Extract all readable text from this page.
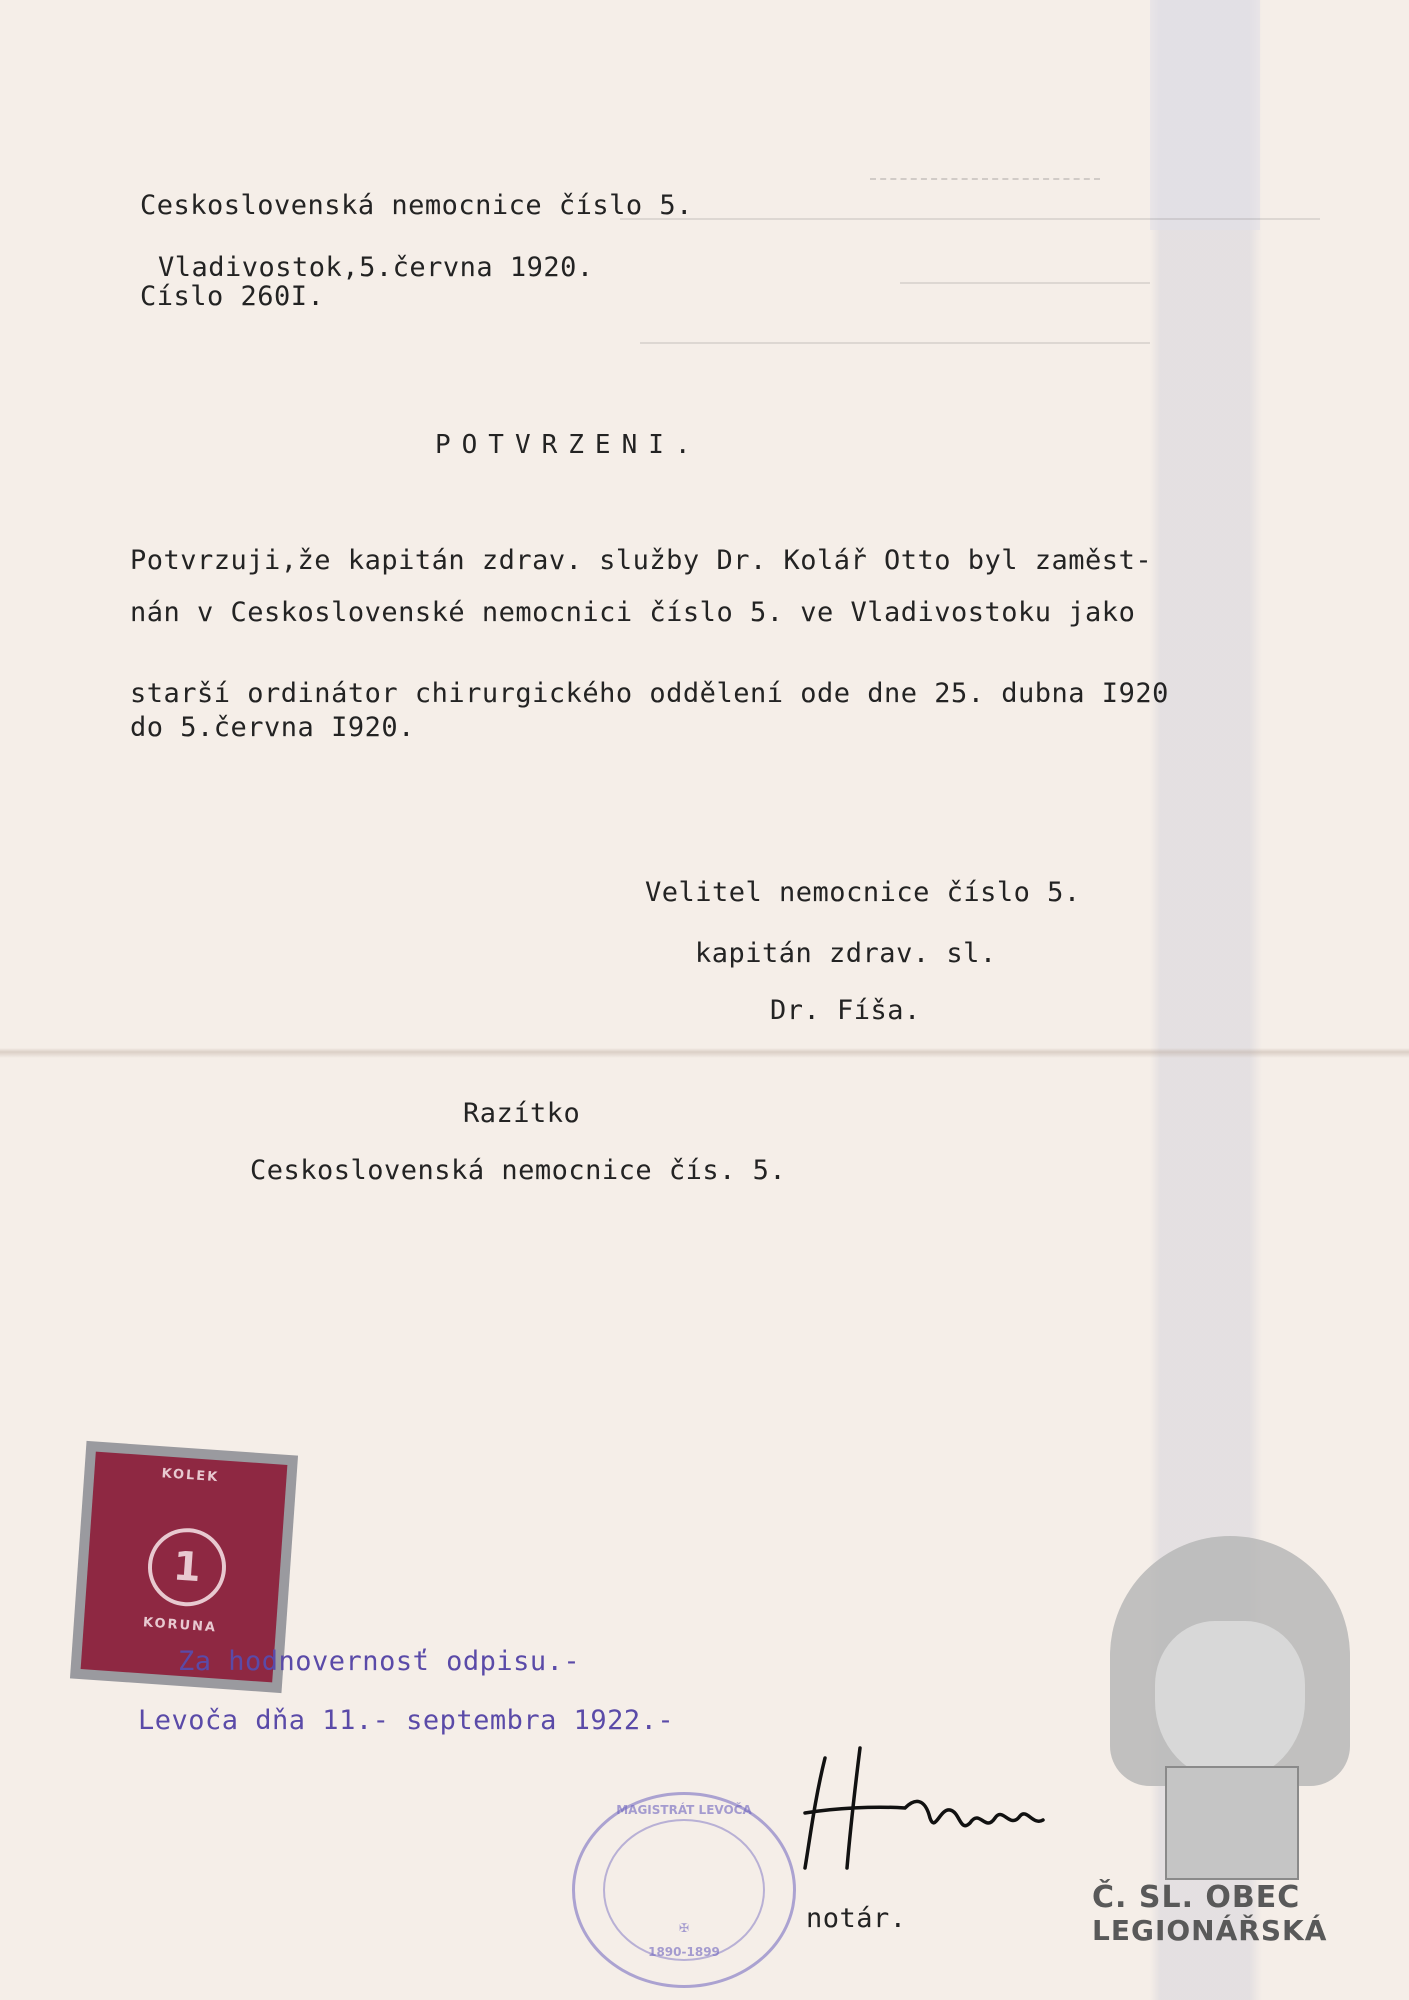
Ceskoslovenská nemocnice číslo 5.
Vladivostok,5.června 1920.
Císlo 260I.
POTVRZENI.
Potvrzuji,že kapitán zdrav. služby Dr. Kolář Otto byl zaměst-
nán v Ceskoslovenské nemocnici číslo 5. ve Vladivostoku jako
starší ordinátor chirurgického oddělení ode dne 25. dubna I920
do 5.června I920.
Velitel nemocnice číslo 5.
kapitán zdrav. sl.
Dr. Fíša.
Razítko
Ceskoslovenská nemocnice čís. 5.
KOLEK
1
KORUNA
Za hodnovernosť odpisu.-
Levoča dňa 11.- septembra 1922.-
MAGISTRÁT LEVOČA
✠
1890-1899
notár.
Č. SL. OBEC
LEGIONÁŘSKÁ
